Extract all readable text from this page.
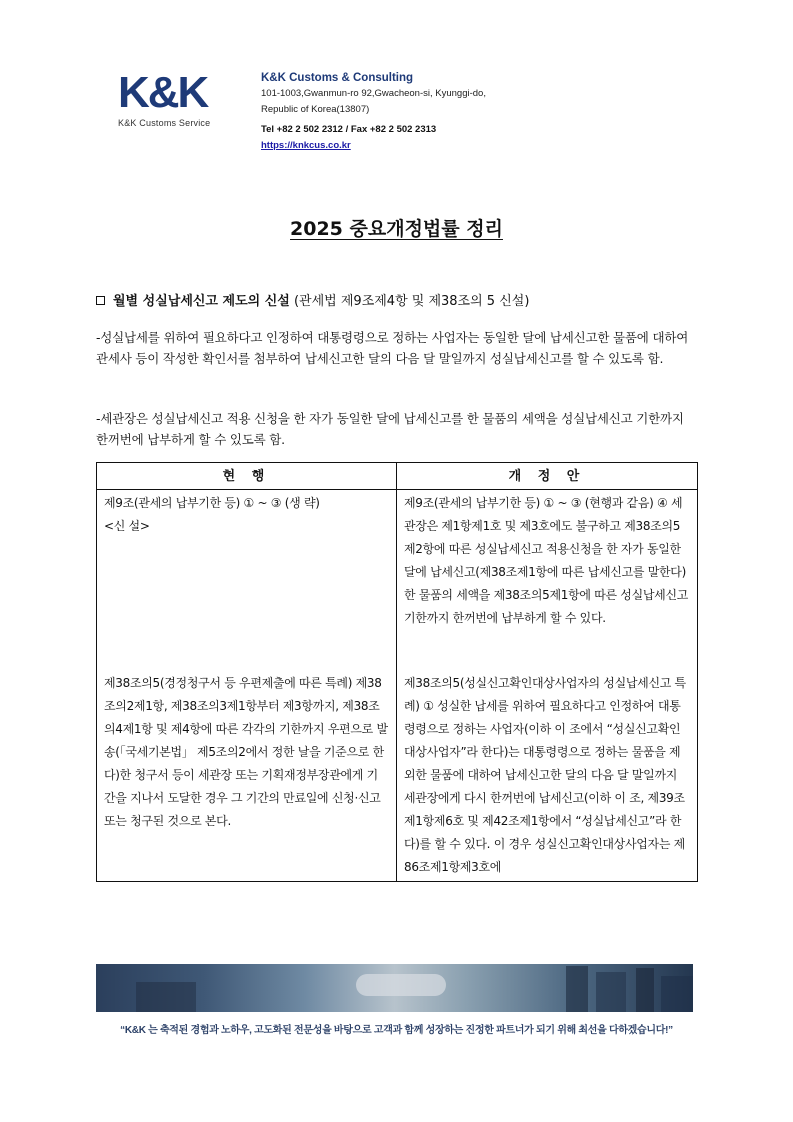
K&K
K&K Customs Service
K&K Customs & Consulting
101-1003,Gwanmun-ro 92,Gwacheon-si, Kyunggi-do,
Republic of Korea(13807)
Tel +82 2 502 2312 / Fax +82 2 502 2313
https://knkcus.co.kr
2025 중요개정법률 정리
월별 성실납세신고 제도의 신설 (관세법 제9조제4항 및 제38조의 5 신설)
-성실납세를 위하여 필요하다고 인정하여 대통령령으로 정하는 사업자는 동일한 달에 납세신고한 물품에 대하여 관세사 등이 작성한 확인서를 첨부하여 납세신고한 달의 다음 달 말일까지 성실납세신고를 할 수 있도록 함.
-세관장은 성실납세신고 적용 신청을 한 자가 동일한 달에 납세신고를 한 물품의 세액을 성실납세신고 기한까지 한꺼번에 납부하게 할 수 있도록 함.
현 행	개 정 안

제9조(관세의 납부기한 등) ① ~ ③ (생 략)
<신 설>	제9조(관세의 납부기한 등) ① ~ ③ (현행과 같음) ④ 세관장은 제1항제1호 및 제3호에도 불구하고 제38조의5제2항에 따른 성실납세신고 적용신청을 한 자가 동일한 달에 납세신고(제38조제1항에 따른 납세신고를 말한다)한 물품의 세액을 제38조의5제1항에 따른 성실납세신고 기한까지 한꺼번에 납부하게 할 수 있다.

제38조의5(경정청구서 등 우편제출에 따른 특례) 제38조의2제1항, 제38조의3제1항부터 제3항까지, 제38조의4제1항 및 제4항에 따른 각각의 기한까지 우편으로 발송(「국세기본법」 제5조의2에서 정한 날을 기준으로 한다)한 청구서 등이 세관장 또는 기획재정부장관에게 기간을 지나서 도달한 경우 그 기간의 만료일에 신청·신고 또는 청구된 것으로 본다.	제38조의5(성실신고확인대상사업자의 성실납세신고 특례) ① 성실한 납세를 위하여 필요하다고 인정하여 대통령령으로 정하는 사업자(이하 이 조에서 “성실신고확인대상사업자”라 한다)는 대통령령으로 정하는 물품을 제외한 물품에 대하여 납세신고한 달의 다음 달 말일까지 세관장에게 다시 한꺼번에 납세신고(이하 이 조, 제39조제1항제6호 및 제42조제1항에서 “성실납세신고”라 한다)를 할 수 있다. 이 경우 성실신고확인대상사업자는 제86조제1항제3호에
“K&K 는 축적된 경험과 노하우, 고도화된 전문성을 바탕으로 고객과 함께 성장하는 진정한 파트너가 되기 위해 최선을 다하겠습니다!”
